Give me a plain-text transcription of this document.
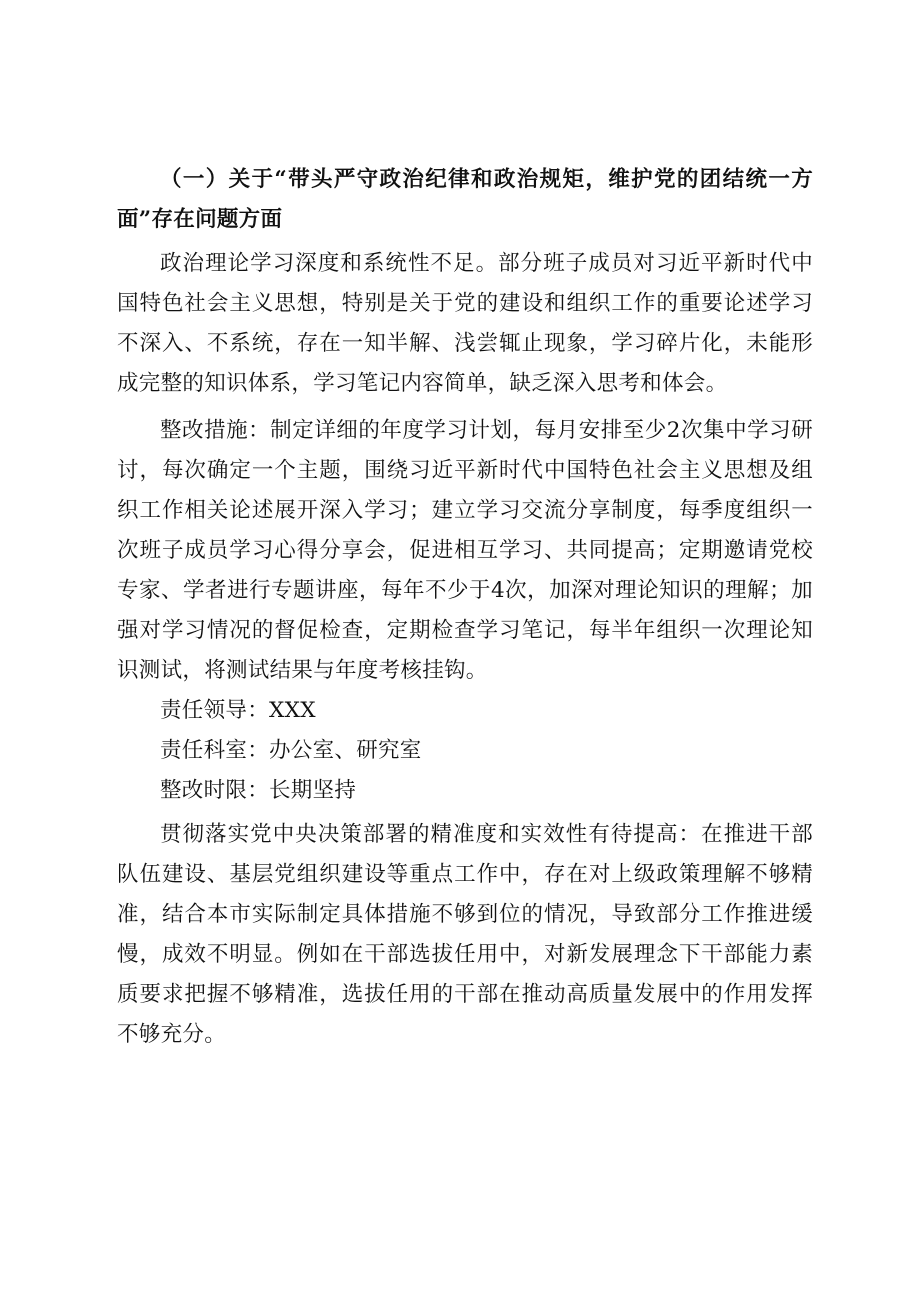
（一）关于“带头严守政治纪律和政治规矩，维护党的团结统一方面”存在问题方面

政治理论学习深度和系统性不足。部分班子成员对习近平新时代中国特色社会主义思想，特别是关于党的建设和组织工作的重要论述学习不深入、不系统，存在一知半解、浅尝辄止现象，学习碎片化，未能形成完整的知识体系，学习笔记内容简单，缺乏深入思考和体会。

整改措施：制定详细的年度学习计划，每月安排至少2次集中学习研讨，每次确定一个主题，围绕习近平新时代中国特色社会主义思想及组织工作相关论述展开深入学习；建立学习交流分享制度，每季度组织一次班子成员学习心得分享会，促进相互学习、共同提高；定期邀请党校专家、学者进行专题讲座，每年不少于4次，加深对理论知识的理解；加强对学习情况的督促检查，定期检查学习笔记，每半年组织一次理论知识测试，将测试结果与年度考核挂钩。

责任领导：XXX

责任科室：办公室、研究室

整改时限：长期坚持

贯彻落实党中央决策部署的精准度和实效性有待提高：在推进干部队伍建设、基层党组织建设等重点工作中，存在对上级政策理解不够精准，结合本市实际制定具体措施不够到位的情况，导致部分工作推进缓慢，成效不明显。例如在干部选拔任用中，对新发展理念下干部能力素质要求把握不够精准，选拔任用的干部在推动高质量发展中的作用发挥不够充分。
